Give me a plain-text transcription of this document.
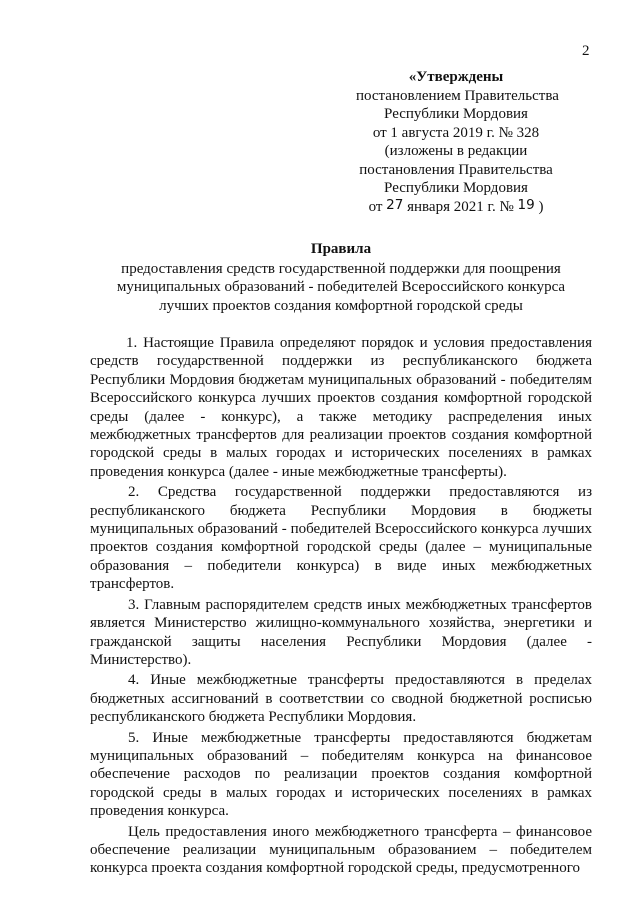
2
«Утверждены
постановлением Правительства
Республики Мордовия
от 1 августа 2019 г. № 328
(изложены в редакции
постановления Правительства
Республики Мордовия
от 27 января 2021 г. № 19 )
Правила
предоставления средств государственной поддержки для поощрения
муниципальных образований - победителей Всероссийского конкурса
лучших проектов создания комфортной городской среды

1. Настоящие Правила определяют порядок и условия предоставления средств государственной поддержки из республиканского бюджета Республики Мордовия бюджетам муниципальных образований - победителям Всероссийского конкурса лучших проектов создания комфортной городской среды (далее - конкурс), а также методику распределения иных межбюджетных трансфертов для реализации проектов создания комфортной городской среды в малых городах и исторических поселениях в рамках проведения конкурса (далее - иные межбюджетные трансферты).

2. Средства государственной поддержки предоставляются из республиканского бюджета Республики Мордовия в бюджеты муниципальных образований - победителей Всероссийского конкурса лучших проектов создания комфортной городской среды (далее – муниципальные образования – победители конкурса) в виде иных межбюджетных трансфертов.

3. Главным распорядителем средств иных межбюджетных трансфертов является Министерство жилищно-коммунального хозяйства, энергетики и гражданской защиты населения Республики Мордовия (далее - Министерство).

4. Иные межбюджетные трансферты предоставляются в пределах бюджетных ассигнований в соответствии со сводной бюджетной росписью республиканского бюджета Республики Мордовия.

5. Иные межбюджетные трансферты предоставляются бюджетам муниципальных образований – победителям конкурса на финансовое обеспечение расходов по реализации проектов создания комфортной городской среды в малых городах и исторических поселениях в рамках проведения конкурса.

Цель предоставления иного межбюджетного трансферта – финансовое обеспечение реализации муниципальным образованием – победителем конкурса проекта создания комфортной городской среды, предусмотренного
